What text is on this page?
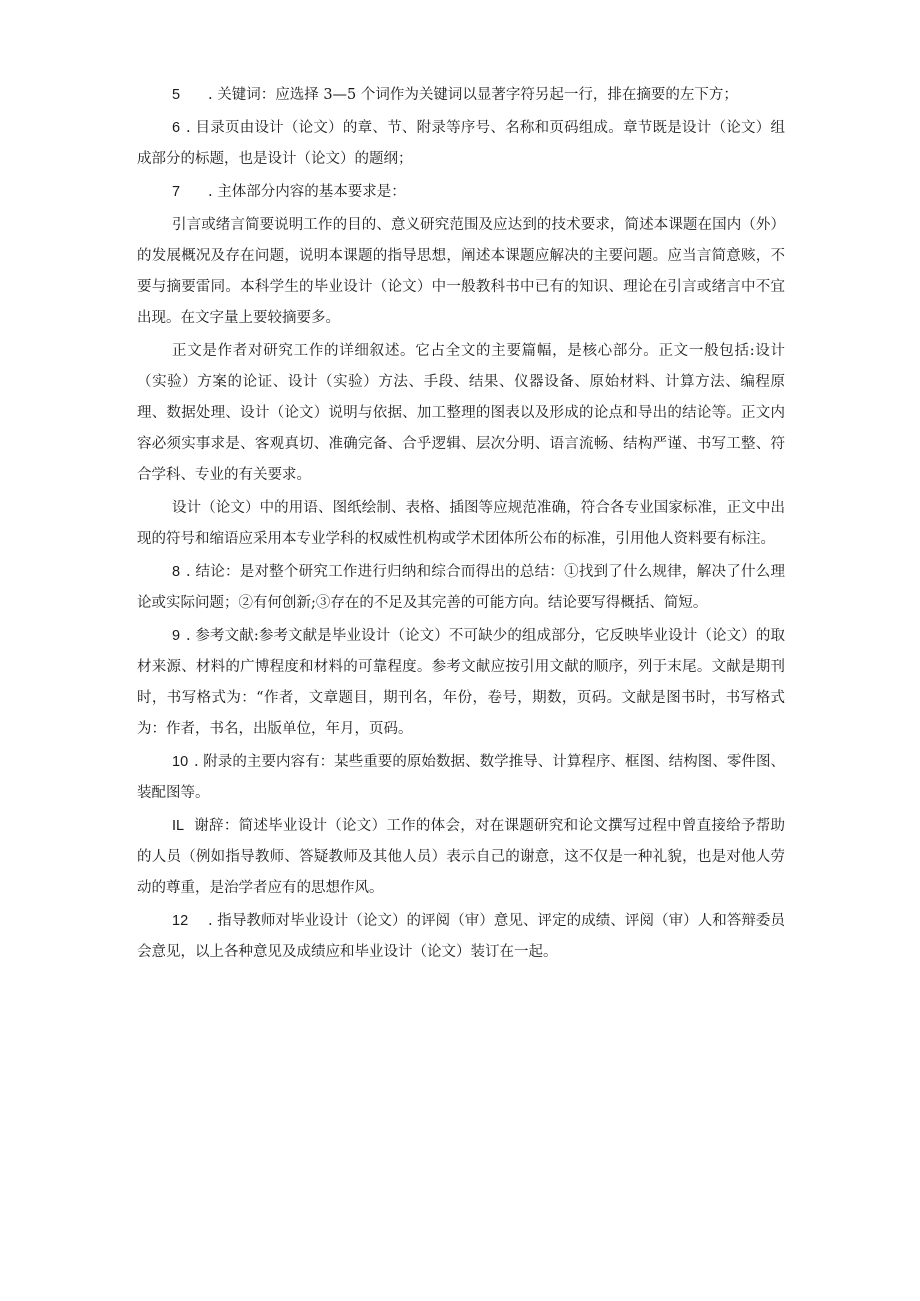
5 . 关键词：应选择 3—5 个词作为关键词以显著字符另起一行，排在摘要的左下方；

6 . 目录页由设计（论文）的章、节、附录等序号、名称和页码组成。章节既是设计（论文）组成部分的标题，也是设计（论文）的题纲；

7 . 主体部分内容的基本要求是：

引言或绪言简要说明工作的目的、意义研究范围及应达到的技术要求，简述本课题在国内（外）的发展概况及存在问题，说明本课题的指导思想，阐述本课题应解决的主要问题。应当言简意赅，不要与摘要雷同。本科学生的毕业设计（论文）中一般教科书中已有的知识、理论在引言或绪言中不宜出现。在文字量上要较摘要多。

正文是作者对研究工作的详细叙述。它占全文的主要篇幅，是核心部分。正文一般包括:设计（实验）方案的论证、设计（实验）方法、手段、结果、仪器设备、原始材料、计算方法、编程原理、数据处理、设计（论文）说明与依据、加工整理的图表以及形成的论点和导出的结论等。正文内容必须实事求是、客观真切、准确完备、合乎逻辑、层次分明、语言流畅、结构严谨、书写工整、符合学科、专业的有关要求。

设计（论文）中的用语、图纸绘制、表格、插图等应规范准确，符合各专业国家标准，正文中出现的符号和缩语应采用本专业学科的权威性机构或学术团体所公布的标准，引用他人资料要有标注。

8 . 结论：是对整个研究工作进行归纳和综合而得出的总结：①找到了什么规律，解决了什么理论或实际问题；②有何创新;③存在的不足及其完善的可能方向。结论要写得概括、简短。

9 . 参考文献:参考文献是毕业设计（论文）不可缺少的组成部分，它反映毕业设计（论文）的取材来源、材料的广博程度和材料的可靠程度。参考文献应按引用文献的顺序，列于末尾。文献是期刊时，书写格式为：“作者，文章题目，期刊名，年份，卷号，期数，页码。文献是图书时，书写格式为：作者，书名，出版单位，年月，页码。

10 . 附录的主要内容有：某些重要的原始数据、数学推导、计算程序、框图、结构图、零件图、装配图等。

IL 谢辞：简述毕业设计（论文）工作的体会，对在课题研究和论文撰写过程中曾直接给予帮助的人员（例如指导教师、答疑教师及其他人员）表示自己的谢意，这不仅是一种礼貌，也是对他人劳动的尊重，是治学者应有的思想作风。

12 . 指导教师对毕业设计（论文）的评阅（审）意见、评定的成绩、评阅（审）人和答辩委员会意见，以上各种意见及成绩应和毕业设计（论文）装订在一起。
